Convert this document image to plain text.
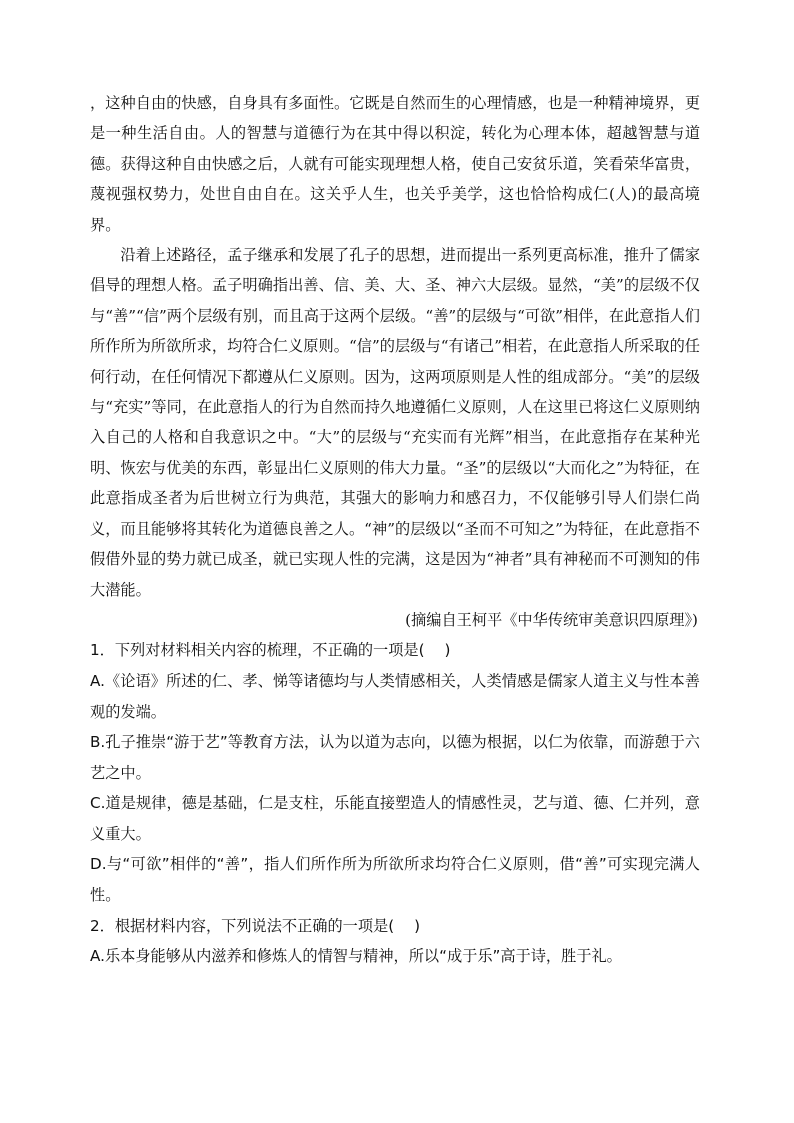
，这种自由的快感，自身具有多面性。它既是自然而生的心理情感，也是一种精神境界，更是一种生活自由。人的智慧与道德行为在其中得以积淀，转化为心理本体，超越智慧与道德。获得这种自由快感之后，人就有可能实现理想人格，使自己安贫乐道，笑看荣华富贵，蔑视强权势力，处世自由自在。这关乎人生，也关乎美学，这也恰恰构成仁(人)的最高境界。

沿着上述路径，孟子继承和发展了孔子的思想，进而提出一系列更高标准，推升了儒家倡导的理想人格。孟子明确指出善、信、美、大、圣、神六大层级。显然，“美”的层级不仅与“善”“信”两个层级有别，而且高于这两个层级。“善”的层级与“可欲”相伴，在此意指人们所作所为所欲所求，均符合仁义原则。“信”的层级与“有诸己”相若，在此意指人所采取的任何行动，在任何情况下都遵从仁义原则。因为，这两项原则是人性的组成部分。“美”的层级与“充实”等同，在此意指人的行为自然而持久地遵循仁义原则，人在这里已将这仁义原则纳入自己的人格和自我意识之中。“大”的层级与“充实而有光辉”相当，在此意指存在某种光明、恢宏与优美的东西，彰显出仁义原则的伟大力量。“圣”的层级以“大而化之”为特征，在此意指成圣者为后世树立行为典范，其强大的影响力和感召力，不仅能够引导人们崇仁尚义，而且能够将其转化为道德良善之人。“神”的层级以“圣而不可知之”为特征，在此意指不假借外显的势力就已成圣，就已实现人性的完满，这是因为“神者”具有神秘而不可测知的伟大潜能。

(摘编自王柯平《中华传统审美意识四原理》)

1．下列对材料相关内容的梳理，不正确的一项是(　 )

A.《论语》所述的仁、孝、悌等诸德均与人类情感相关，人类情感是儒家人道主义与性本善观的发端。

B.孔子推崇“游于艺”等教育方法，认为以道为志向，以德为根据，以仁为依靠，而游憩于六艺之中。

C.道是规律，德是基础，仁是支柱，乐能直接塑造人的情感性灵，艺与道、德、仁并列，意义重大。

D.与“可欲”相伴的“善”，指人们所作所为所欲所求均符合仁义原则，借“善”可实现完满人性。

2．根据材料内容，下列说法不正确的一项是(　 )

A.乐本身能够从内滋养和修炼人的情智与精神，所以“成于乐”高于诗，胜于礼。
